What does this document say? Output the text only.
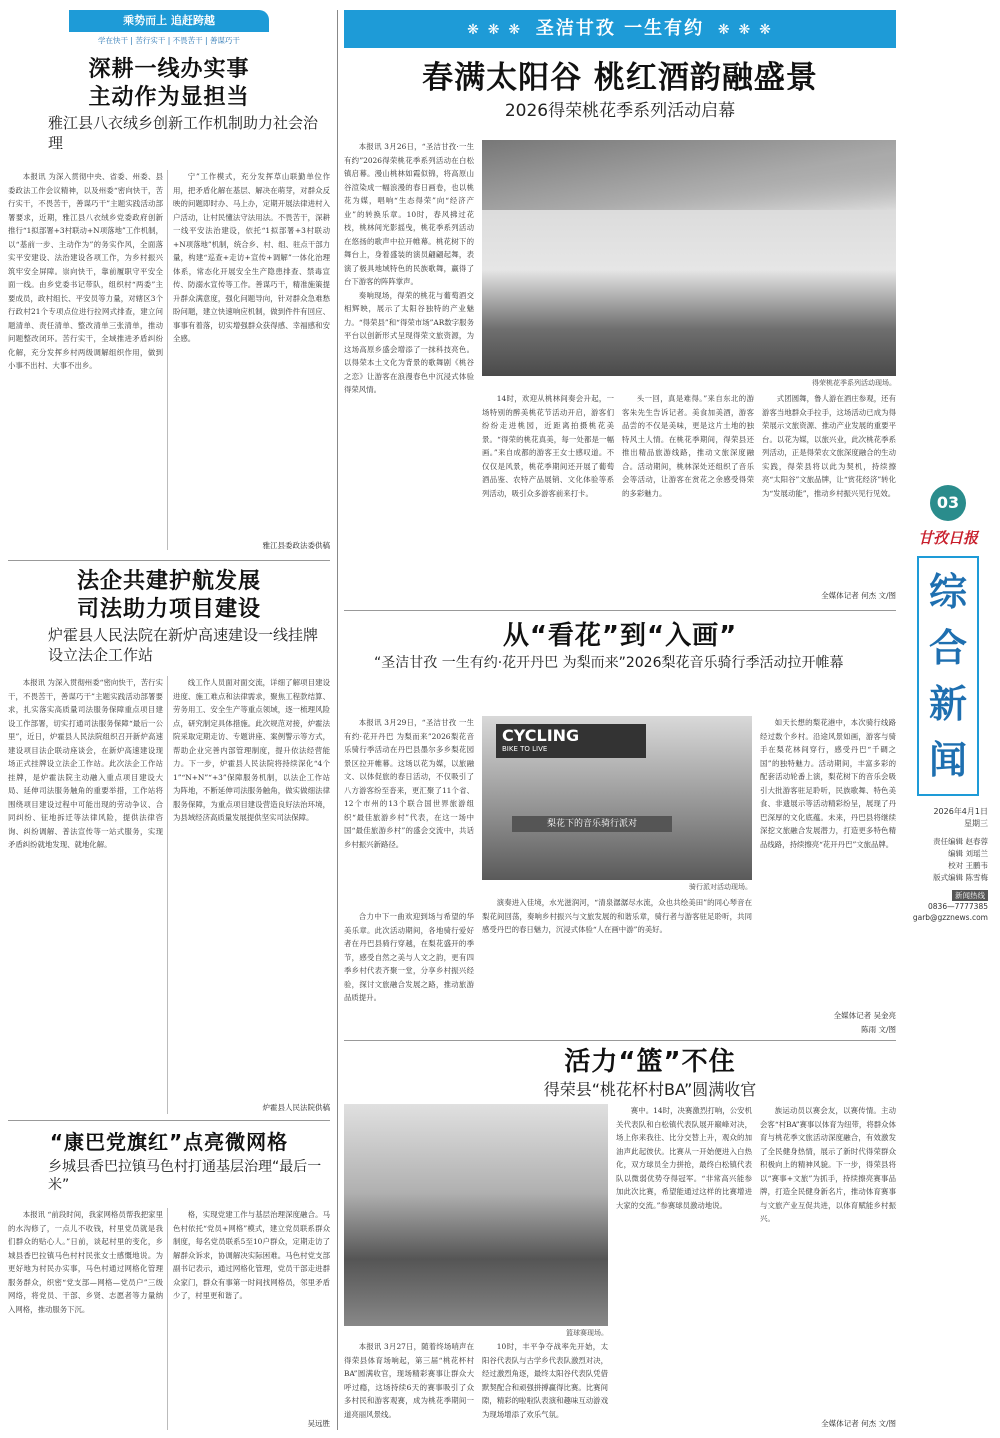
乘势而上 追赶跨越
学在快干 | 苦行实干 | 不畏苦干 | 善谋巧干
❋ ❋ ❋  圣洁甘孜 一生有约  ❋ ❋ ❋
深耕一线办实事
主动作为显担当
雅江县八衣绒乡创新工作机制助力社会治理

本报讯 为深入贯彻中央、省委、州委、县委政法工作会议精神，以及州委“密向快干，苦行实干，不畏苦干，善谋巧干”主题实践活动部署要求，近期，雅江县八衣绒乡党委政府创新推行“1拟部署+3村联动+N项落地”工作机制，以“基前一步、主动作为”的务实作风，全面落实平安建设、法治建设各项工作，为乡村振兴筑牢安全屏障。崇向快干，靠前履职守平安全面一线。由乡党委书记带队，组织村“两委”主要成员，政村组长、平安员等力量，对辖区3个行政村21个专项点位进行拉网式排查，建立问题清单、责任清单、整改清单三张清单，推动问题整改闭环。苦行实干，全域推进矛盾纠纷化解，充分发挥乡村两级调解组织作用，做到小事不出村、大事不出乡。

宁”工作模式，充分发挥草山联勤单位作用，把矛盾化解在基层、解决在萌芽，对群众反映的问题即时办、马上办，定期开展法律进村入户活动，让村民懂法守法用法。不畏苦干，深耕一线平安法治建设，依托“1拟部署+3村联动+N项落地”机制，统合乡、村、组、驻点干部力量，构建“巡查+走访+宣传+调解”一体化治理体系，常态化开展安全生产隐患排查、禁毒宣传、防溺水宣传等工作。善谋巧干，精准施策提升群众满意度，强化问题导向，针对群众急难愁盼问题，建立快速响应机制，做到件件有回应、事事有着落，切实增强群众获得感、幸福感和安全感。

雅江县委政法委供稿
法企共建护航发展
司法助力项目建设
炉霍县人民法院在新炉高速建设一线挂牌设立法企工作站

本报讯 为深入贯彻州委“密向快干，苦行实干，不畏苦干，善谋巧干”主题实践活动部署要求，扎实落实高质量司法服务保障重点项目建设工作部署，切实打通司法服务保障“最后一公里”，近日，炉霍县人民法院组织召开新炉高速建设项目法企联动座谈会，在新炉高速建设现场正式挂牌设立法企工作站。此次法企工作站挂牌，是炉霍法院主动融入重点项目建设大局、延伸司法服务触角的重要举措，工作站将围绕项目建设过程中可能出现的劳动争议、合同纠纷、征地拆迁等法律风险，提供法律咨询、纠纷调解、普法宣传等一站式服务，实现矛盾纠纷就地发现、就地化解。

线工作人员面对面交流，详细了解项目建设进度、施工难点和法律需求，聚焦工程款结算、劳务用工、安全生产等重点领域，逐一梳理风险点，研究制定具体措施。此次规范对接，炉霍法院采取定期走访、专题讲座、案例警示等方式，帮助企业完善内部管理制度，提升依法经营能力。下一步，炉霍县人民法院将持续深化“4个1”“N+N”“+3”保障服务机制，以法企工作站为阵地，不断延伸司法服务触角，做实做细法律服务保障，为重点项目建设营造良好法治环境，为县域经济高质量发展提供坚实司法保障。

炉霍县人民法院供稿
“康巴党旗红”点亮微网格
乡城县香巴拉镇马色村打通基层治理“最后一米”

本报讯 “前段时间，我家网格员帮我把家里的水沟修了，一点儿不收钱，村里党员就是我们群众的贴心人。”日前，谈起村里的变化，乡城县香巴拉镇马色村村民张女士感慨地说。为更好地为村民办实事，马色村通过网格化管理服务群众，织密“党支部—网格—党员户”三级网络，将党员、干部、乡贤、志愿者等力量纳入网格，推动服务下沉。

格，实现党建工作与基层治理深度融合。马色村依托“党员+网格”模式，建立党员联系群众制度，每名党员联系5至10户群众，定期走访了解群众诉求，协调解决实际困难。马色村党支部副书记表示，通过网格化管理，党员干部走进群众家门，群众有事第一时间找网格员，邻里矛盾少了，村里更和谐了。

吴远胜
春满太阳谷 桃红酒韵融盛景
2026得荣桃花季系列活动启幕

本报讯 3月26日，“圣洁甘孜·一生有约”2026得荣桃花季系列活动在白松镇启幕。漫山桃林如霞似锦，将高原山谷渲染成一幅浪漫的春日画卷，也以桃花为媒，唱响“生态得荣”向“经济产业”的转换乐章。10时，春风拂过花枝，桃林间光影摇曳，桃花季系列活动在悠扬的歌声中拉开帷幕。桃花树下的舞台上，身着盛装的演员翩翩起舞，表演了极具地域特色的民族歌舞，赢得了台下游客的阵阵掌声。

奏响现场，得荣的桃花与葡萄酒交相辉映，展示了太阳谷独特的产业魅力。“得荣县”和“得荣市场”AR数字服务平台以创新形式呈现得荣文旅资源，为这场高原乡盛会增添了一抹科技亮色。以得荣本土文化为背景的歌舞剧《桃谷之恋》让游客在浪漫春色中沉浸式体验得荣风情。

得荣桃花季系列活动现场。

14时，欢迎从桃林间奏会升起，一场特别的醉美桃花节活动开启，游客们纷纷走进桃园，近距离拍摄桃花美景。“得荣的桃花真美，每一处都是一幅画。”来自成都的游客王女士感叹道。不仅仅是风景，桃花季期间还开展了葡萄酒品鉴、农特产品展销、文化体验等系列活动，吸引众多游客前来打卡。

头一回，真是难得。”来自东北的游客朱先生告诉记者。美食加美酒，游客品尝的不仅是美味，更是这片土地的独特风土人情。在桃花季期间，得荣县还推出精品旅游线路，推动文旅深度融合。活动期间，桃林深处还组织了音乐会等活动，让游客在赏花之余感受得荣的多彩魅力。

式团圆舞，鲁人游在酒庄参观，还有游客当地群众手拉手，这场活动已成为得荣展示文旅资源、推动产业发展的重要平台。以花为媒，以旅兴业，此次桃花季系列活动，正是得荣农文旅深度融合的生动实践，得荣县将以此为契机，持续擦亮“太阳谷”文旅品牌，让“赏花经济”转化为“发展动能”，推动乡村振兴见行见效。

全媒体记者 何杰 文/图
从“看花”到“入画”
“圣洁甘孜 一生有约·花开丹巴 为梨而来”2026梨花音乐骑行季活动拉开帷幕

本报讯 3月29日，“圣洁甘孜 一生有约·花开丹巴 为梨而来”2026梨花音乐骑行季活动在丹巴县墨尔多乡梨花园景区拉开帷幕。这场以花为媒，以旅融文、以体促旅的春日活动，不仅吸引了八方游客纷至沓来，更汇聚了11个省、12个市州的13个联合国世界旅游组织“最佳旅游乡村”代表，在这一场中国“最佳旅游乡村”的盛会交流中，共话乡村振兴新路径。

CYCLING
BIKE TO LIVE
梨花下的音乐骑行派对
骑行派对活动现场。

合力中下一曲欢迎到场与希望的华美乐章。此次活动期间，各地骑行爱好者在丹巴县骑行穿越，在梨花盛开的季节，感受自然之美与人文之韵，更有四季乡村代表齐聚一堂，分享乡村振兴经验，探讨文旅融合发展之路，推动旅游品质提升。

演奏进入佳境，水光滋润河，“清泉潺潺尽水流，众也共绘美田”的同心琴音在梨花间回荡，奏响乡村振兴与文旅发展的和谐乐章，骑行者与游客驻足聆听，共同感受丹巴的春日魅力，沉浸式体验“人在画中游”的美好。

如天长想的梨花港中，本次骑行线路经过数个乡村。沿途风景如画，游客与骑手在梨花林间穿行，感受丹巴“千碉之国”的独特魅力。活动期间，丰富多彩的配套活动轮番上演，梨花树下的音乐会吸引大批游客驻足聆听，民族歌舞、特色美食、非遗展示等活动精彩纷呈，展现了丹巴深厚的文化底蕴。未来，丹巴县将继续深挖文旅融合发展潜力，打造更多特色精品线路，持续擦亮“花开丹巴”文旅品牌。

全媒体记者 吴金亮
陈雨 文/图
活力“篮”不住
得荣县“桃花杯村BA”圆满收官
篮球赛现场。

本报讯 3月27日，随着终场哨声在得荣县体育场响起，第三届“桃花杯村BA”圆满收官，现场精彩赛事让群众大呼过瘾，这场持续6天的赛事吸引了众多村民和游客观赛，成为桃花季期间一道亮丽风景线。

10时，丰平争夺战率先开始，太阳谷代表队与古学乡代表队激烈对决，经过激烈角逐，最终太阳谷代表队凭借默契配合和顽强拼搏赢得比赛。比赛间隙，精彩的啦啦队表演和趣味互动游戏为现场增添了欢乐气氛。

赛中。14时，决赛激烈打响，公安机关代表队和白松镇代表队展开巅峰对决，场上你来我往、比分交替上升，观众的加油声此起彼伏。比赛从一开始便进入白热化，双方球员全力拼抢，最终白松镇代表队以微弱优势夺得冠军。“非常高兴能参加此次比赛，希望能通过这样的比赛增进大家的交流。”参赛球员激动地说。

族运动员以赛会友，以赛传情。主动会客“村BA”赛事以体育为纽带，将群众体育与桃花季文旅活动深度融合，有效激发了全民健身热情，展示了新时代得荣群众积极向上的精神风貌。下一步，得荣县将以“赛事+文旅”为抓手，持续擦亮赛事品牌，打造全民健身新名片，推动体育赛事与文旅产业互促共进，以体育赋能乡村振兴。

全媒体记者 何杰 文/图
03
甘孜日报
综
合
新
闻
2026年4月1日
星期三
责任编辑 赵春蓉
编辑 刘瑶兰
校对 王鹏韦
版式编辑 陈雪梅
新闻热线
0836—7777385
garb@gzznews.com
